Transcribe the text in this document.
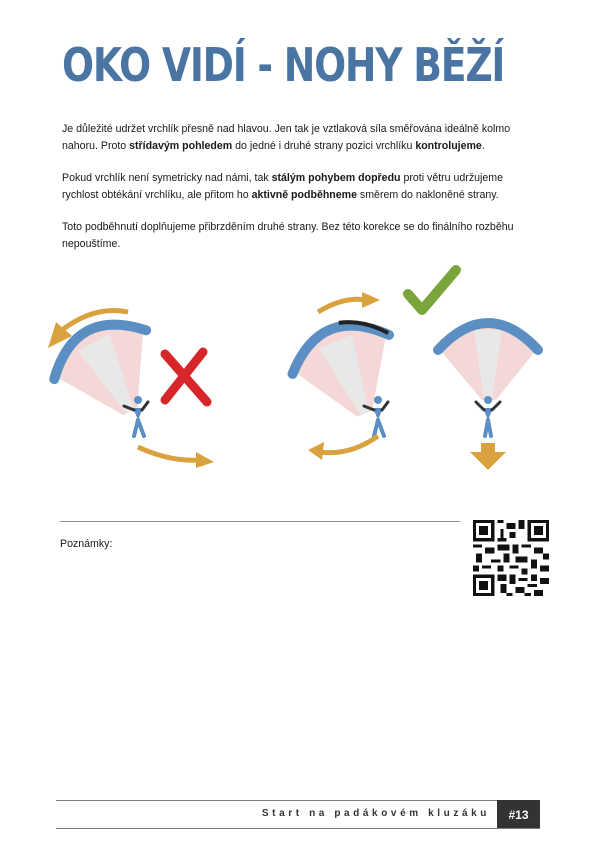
OKO VIDÍ - NOHY BĚŽÍ

Je důležité udržet vrchlík přesně nad hlavou. Jen tak je vztlaková síla směřována ideálně kolmo nahoru. Proto střídavým pohledem do jedné i druhé strany pozici vrchlíku kontrolujeme.

Pokud vrchlík není symetricky nad námi, tak stálým pohybem dopředu proti větru udržujeme rychlost obtékání vrchlíku, ale přitom ho aktivně podběhneme směrem do nakloněné strany.

Toto podběhnutí doplňujeme přibrzděním druhé strany. Bez této korekce se do finálního rozběhu nepouštíme.

Poznámky:
Start na padákovém kluzáku	#13
